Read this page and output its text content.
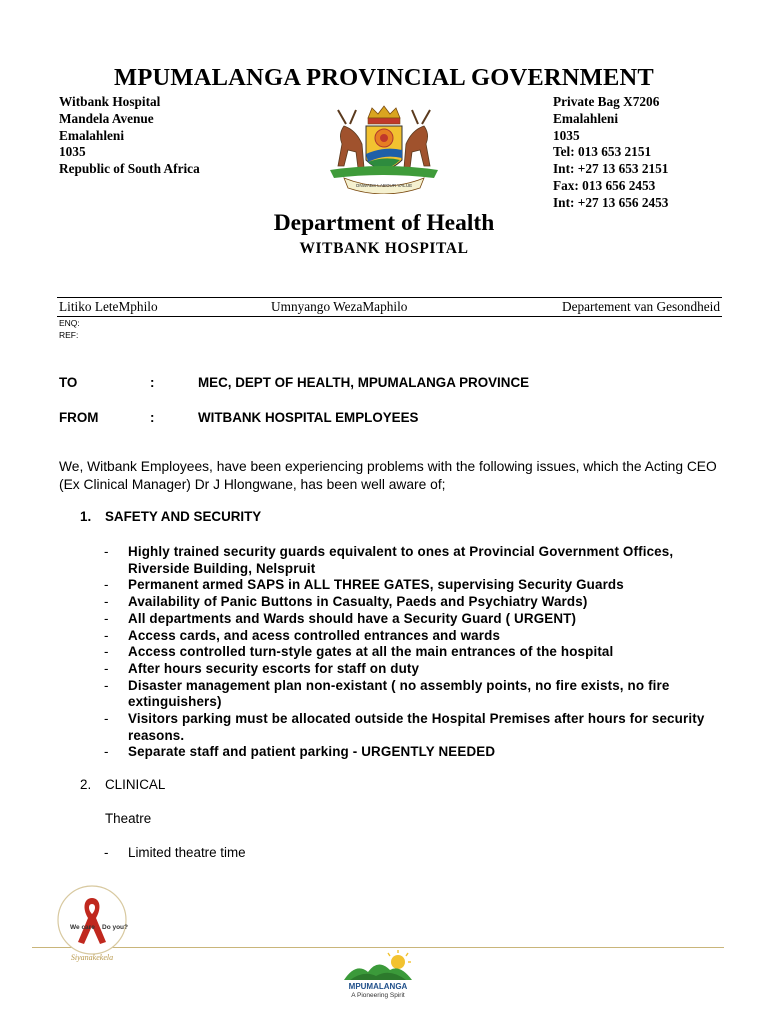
MPUMALANGA PROVINCIAL GOVERNMENT
Witbank Hospital
Mandela Avenue
Emalahleni
1035
Republic of South Africa
Private Bag X7206
Emalahleni
1035
Tel: 013 653 2151
Int: +27 13 653 2151
Fax: 013 656 2453
Int: +27 13 656 2453
ONWABS LABOUR VALUE
Department of Health
WITBANK HOSPITAL
Litiko LeteMphilo	Umnyango WezaMaphilo	Departement van Gesondheid
ENQ:
REF:
TO	:	MEC, DEPT OF HEALTH, MPUMALANGA PROVINCE
FROM	:	WITBANK HOSPITAL EMPLOYEES
We, Witbank Employees, have been experiencing problems with the following issues, which the Acting CEO (Ex Clinical Manager) Dr J Hlongwane, has been well aware of;
1. SAFETY AND SECURITY
- Highly trained security guards equivalent to ones at Provincial Government Offices, Riverside Building, Nelspruit
- Permanent armed SAPS in ALL THREE GATES, supervising Security Guards
- Availability of Panic Buttons in Casualty, Paeds and Psychiatry Wards)
- All departments and Wards should have a Security Guard ( URGENT)
- Access cards, and acess controlled entrances and wards
- Access controlled turn-style gates at all the main entrances of the hospital
- After hours security escorts for staff on duty
- Disaster management plan non-existant ( no assembly points, no fire exists, no fire extinguishers)
- Visitors parking must be allocated outside the Hospital Premises after hours for security reasons.
- Separate staff and patient parking - URGENTLY NEEDED
2. CLINICAL
Theatre
- Limited theatre time
We care Do you?
Siyanakekela
MPUMALANGA
A Pioneering Spirit
